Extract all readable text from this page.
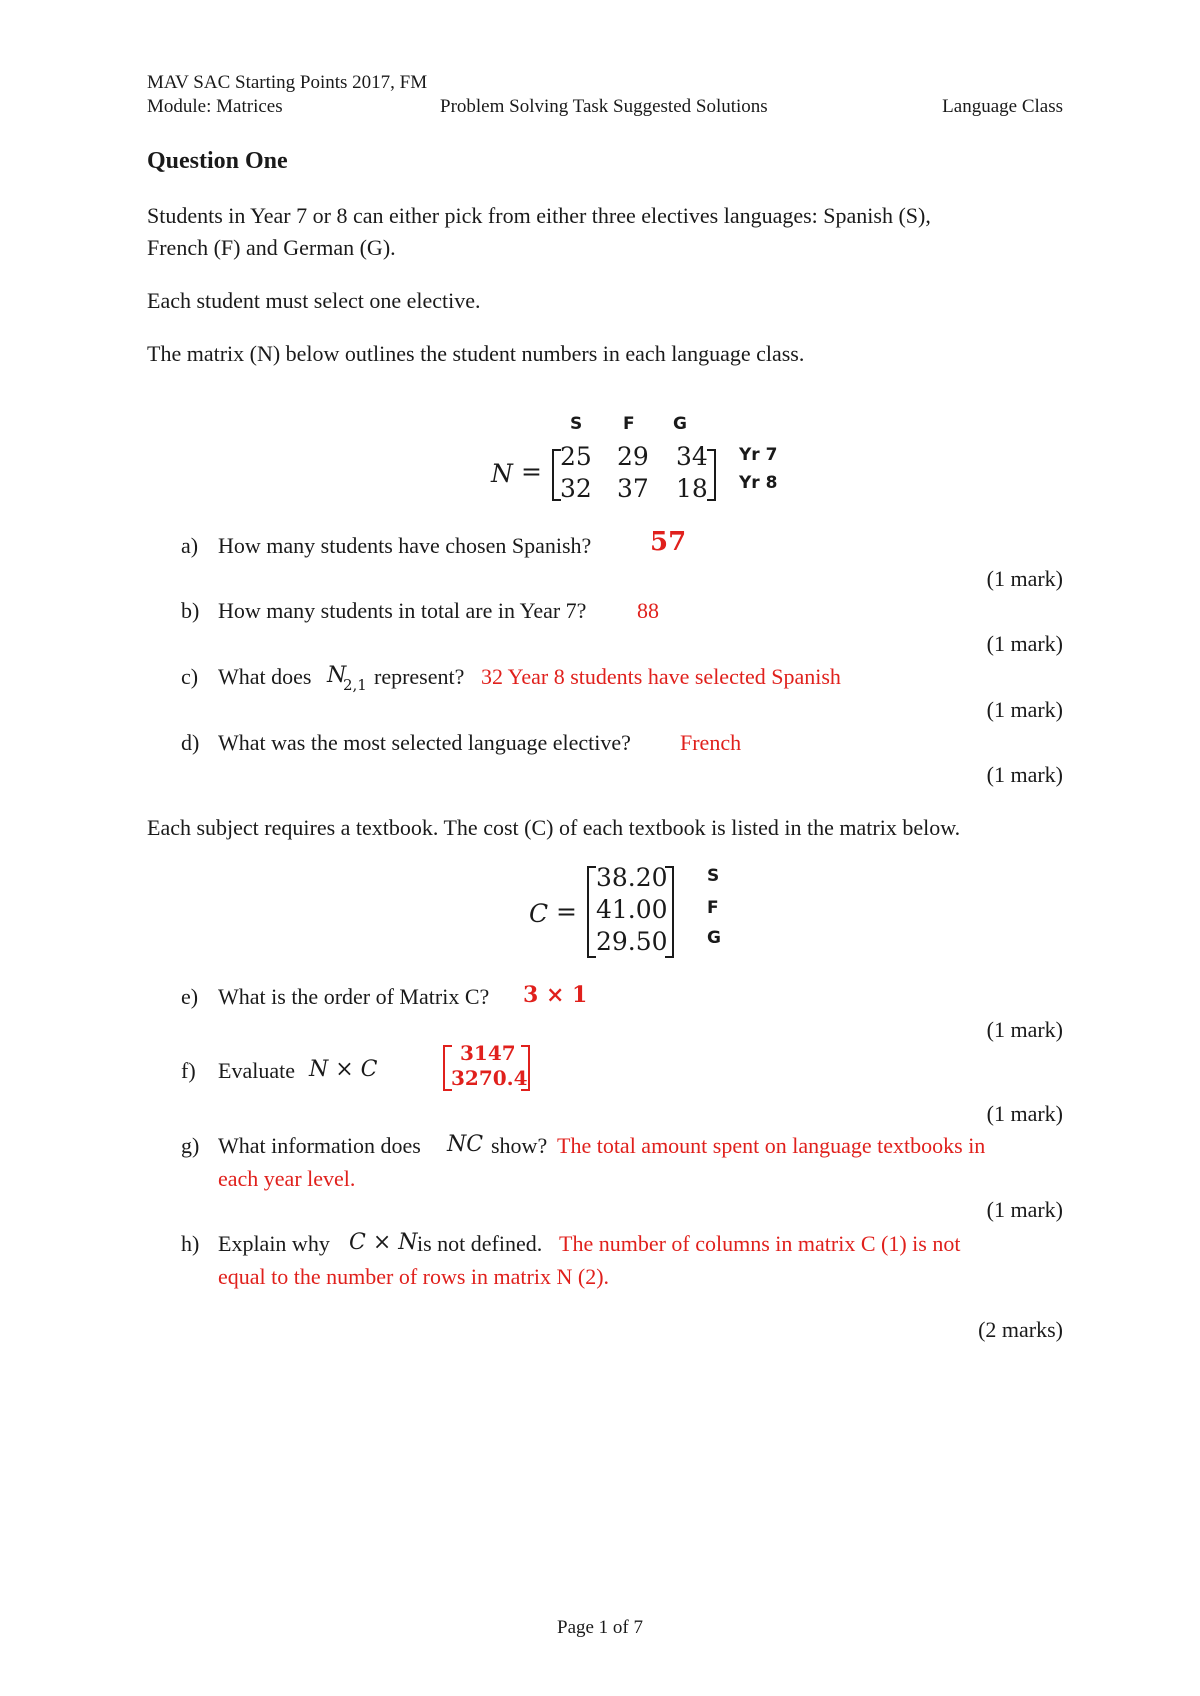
MAV SAC Starting Points 2017, FM
Module: Matrices	Problem Solving Task Suggested Solutions	Language Class
Question One
Students in Year 7 or 8 can either pick from either three electives languages: Spanish (S),
French (F) and German (G).
Each student must select one elective.
The matrix (N) below outlines the student numbers in each language class.
S F G
N =
25 29 34
32 37 18
Yr 7
Yr 8
a) How many students have chosen Spanish? 57
(1 mark)
b) How many students in total are in Year 7? 88
(1 mark)
c) What does N
2,1 represent? 32 Year 8 students have selected Spanish
(1 mark)
d) What was the most selected language elective? French
(1 mark)
Each subject requires a textbook. The cost (C) of each textbook is listed in the matrix below.
C =
38.20
41.00
29.50
S
F
G
e) What is the order of Matrix C? 3 × 1
(1 mark)
f) Evaluate N × C
3147
3270.4
(1 mark)
g) What information does NC show? The total amount spent on language textbooks in
each year level.
(1 mark)
h) Explain why C × N is not defined. The number of columns in matrix C (1) is not
equal to the number of rows in matrix N (2).
(2 marks)
Page 1 of 7
